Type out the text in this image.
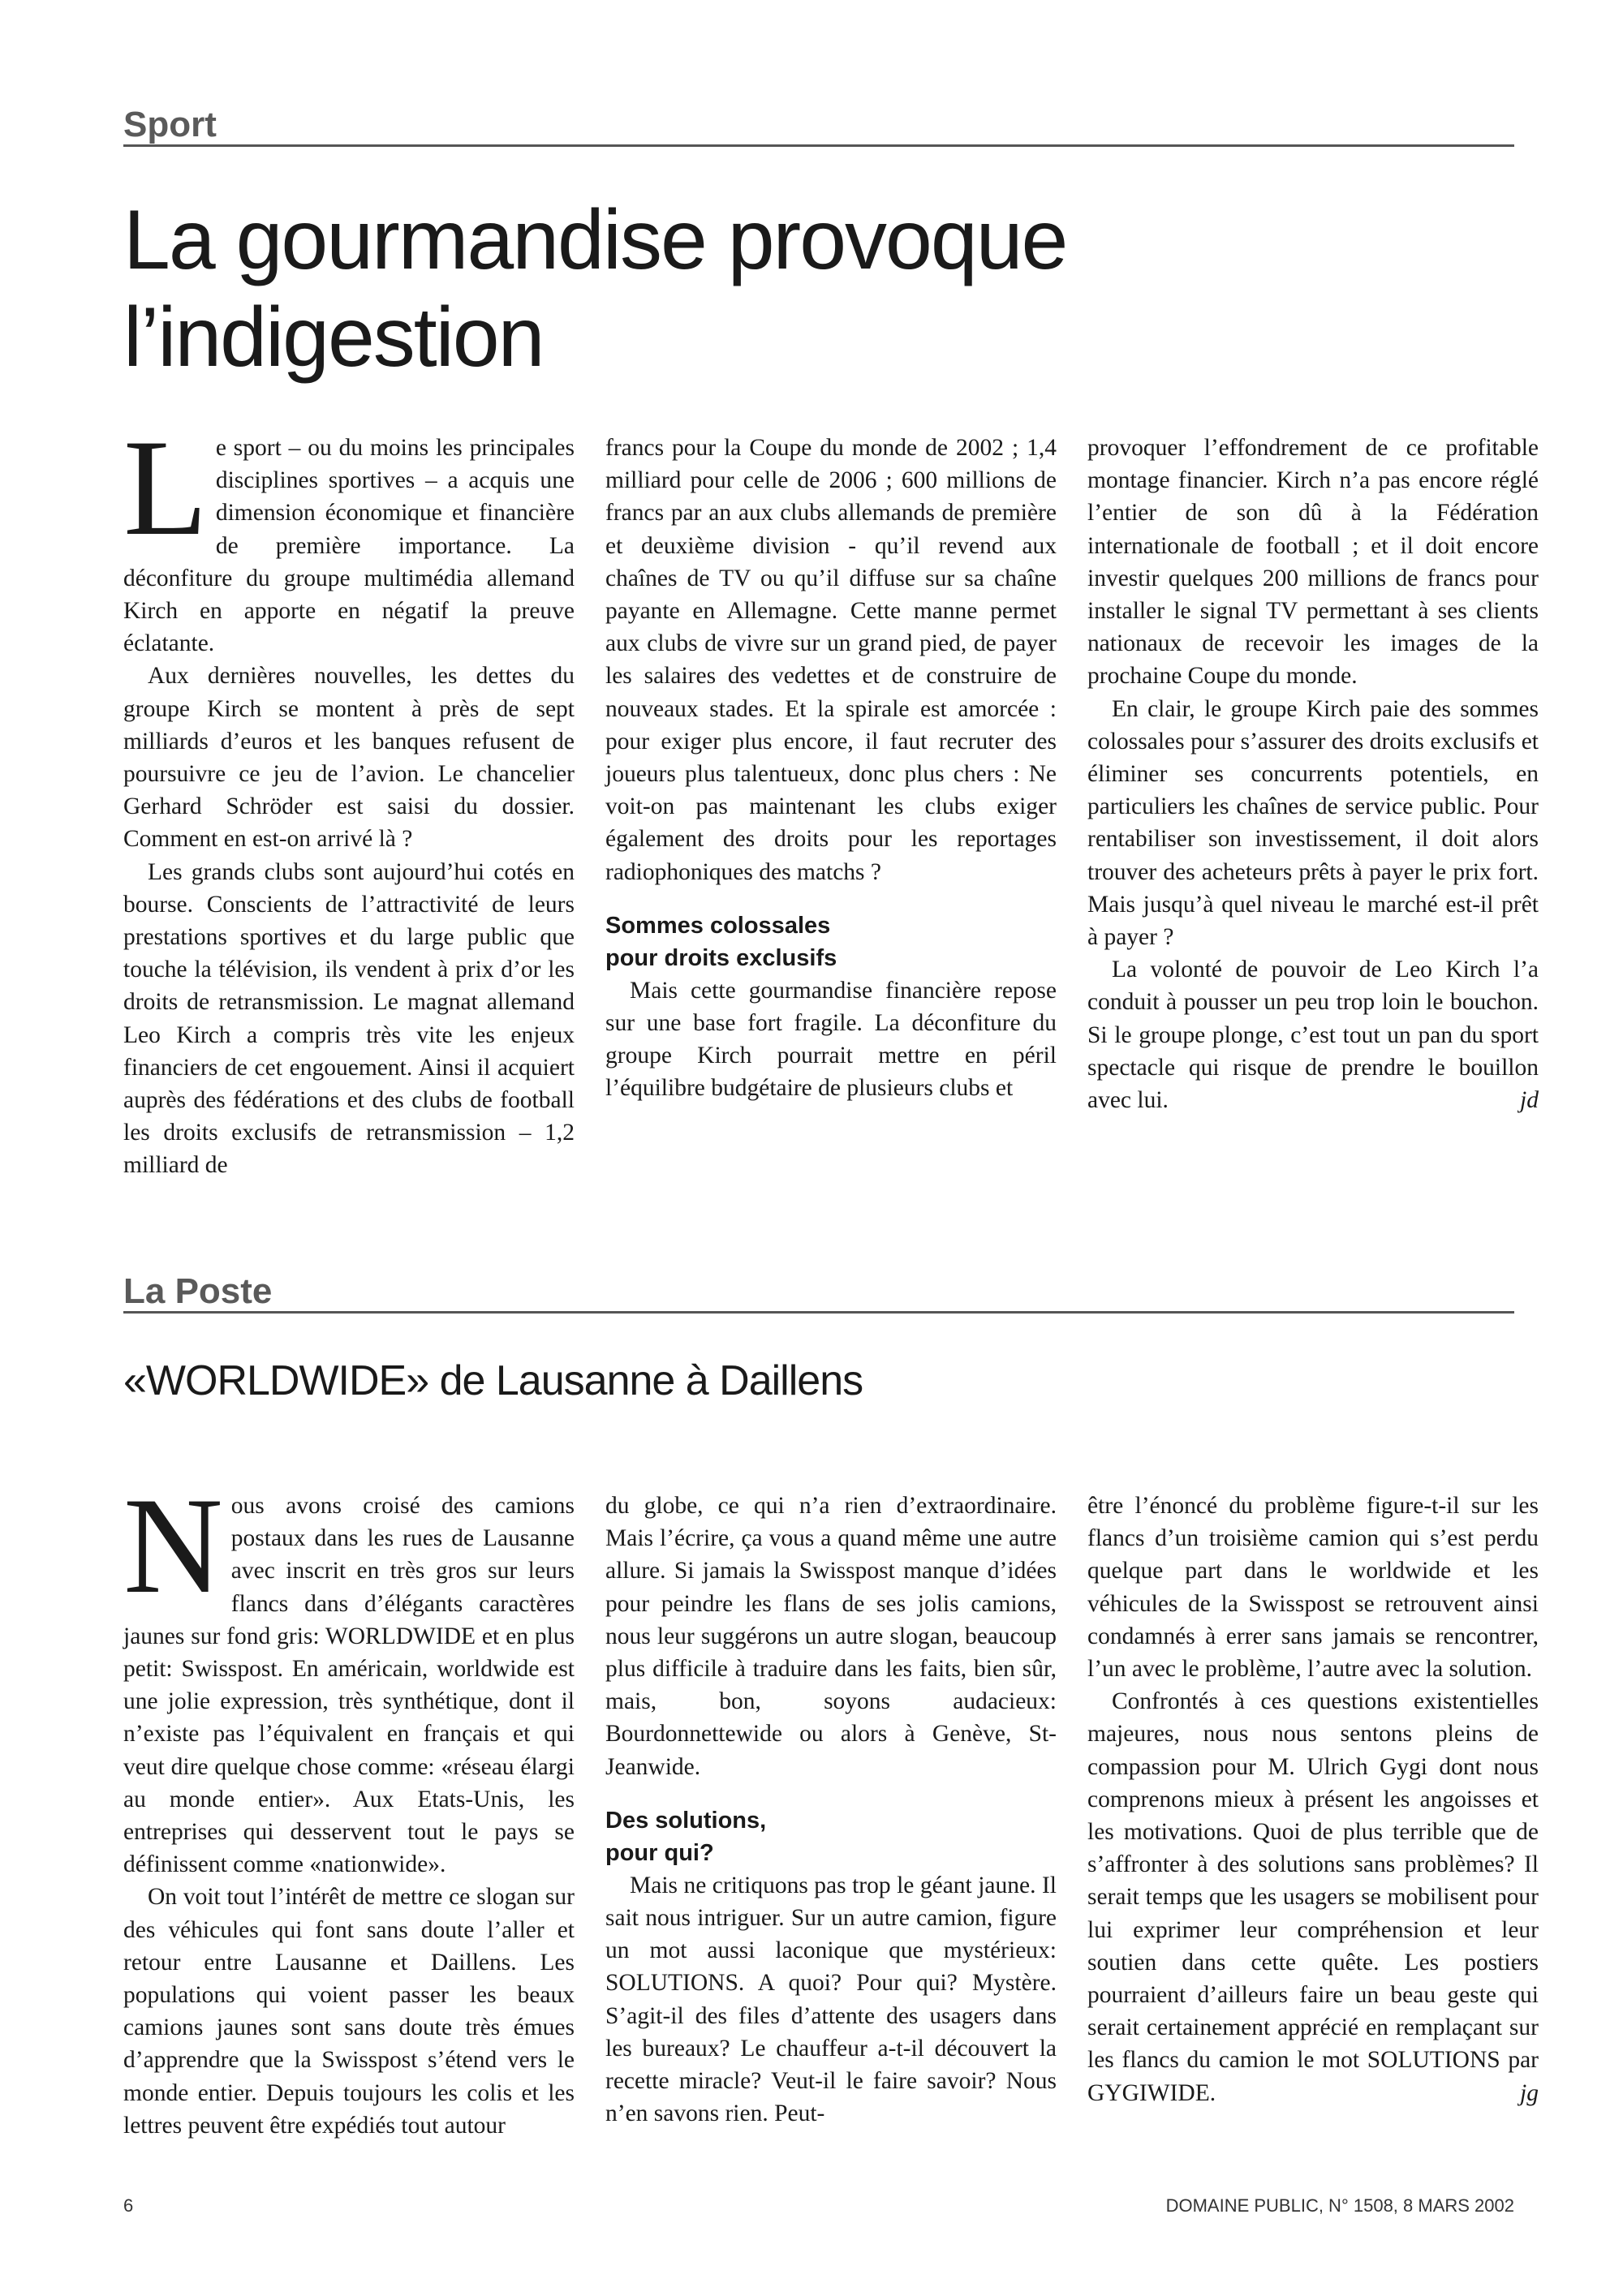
Sport
La gourmandise provoque
l’indigestion

Le sport – ou du moins les principales disciplines sportives – a acquis une dimension économique et financière de première importance. La déconfiture du groupe multimédia allemand Kirch en apporte en négatif la preuve éclatante.

Aux dernières nouvelles, les dettes du groupe Kirch se montent à près de sept milliards d’euros et les banques refusent de poursuivre ce jeu de l’avion. Le chancelier Gerhard Schröder est saisi du dossier. Comment en est-on arrivé là ?

Les grands clubs sont aujourd’hui cotés en bourse. Conscients de l’attractivité de leurs prestations sportives et du large public que touche la télévision, ils vendent à prix d’or les droits de retransmission. Le magnat allemand Leo Kirch a compris très vite les enjeux financiers de cet engouement. Ainsi il acquiert auprès des fédérations et des clubs de football les droits exclusifs de retransmission – 1,2 milliard de

francs pour la Coupe du monde de 2002 ; 1,4 milliard pour celle de 2006 ; 600 millions de francs par an aux clubs allemands de première et deuxième division - qu’il revend aux chaînes de TV ou qu’il diffuse sur sa chaîne payante en Allemagne. Cette manne permet aux clubs de vivre sur un grand pied, de payer les salaires des vedettes et de construire de nouveaux stades. Et la spirale est amorcée : pour exiger plus encore, il faut recruter des joueurs plus talentueux, donc plus chers : Ne voit-on pas maintenant les clubs exiger également des droits pour les reportages radiophoniques des matchs ?

Sommes colossales
pour droits exclusifs

Mais cette gourmandise financière repose sur une base fort fragile. La déconfiture du groupe Kirch pourrait mettre en péril l’équilibre budgétaire de plusieurs clubs et

provoquer l’effondrement de ce profitable montage financier. Kirch n’a pas encore réglé l’entier de son dû à la Fédération internationale de football ; et il doit encore investir quelques 200 millions de francs pour installer le signal TV permettant à ses clients nationaux de recevoir les images de la prochaine Coupe du monde.

En clair, le groupe Kirch paie des sommes colossales pour s’assurer des droits exclusifs et éliminer ses concurrents potentiels, en particuliers les chaînes de service public. Pour rentabiliser son investissement, il doit alors trouver des acheteurs prêts à payer le prix fort. Mais jusqu’à quel niveau le marché est-il prêt à payer ?

La volonté de pouvoir de Leo Kirch l’a conduit à pousser un peu trop loin le bouchon. Si le groupe plonge, c’est tout un pan du sport spectacle qui risque de prendre le bouillon avec lui.	jd

La Poste
«WORLDWIDE» de Lausanne à Daillens

Nous avons croisé des camions postaux dans les rues de Lausanne avec inscrit en très gros sur leurs flancs dans d’élégants caractères jaunes sur fond gris: WORLDWIDE et en plus petit: Swisspost. En américain, worldwide est une jolie expression, très synthétique, dont il n’existe pas l’équivalent en français et qui veut dire quelque chose comme: «réseau élargi au monde entier». Aux Etats-Unis, les entreprises qui desservent tout le pays se définissent comme «nationwide».

On voit tout l’intérêt de mettre ce slogan sur des véhicules qui font sans doute l’aller et retour entre Lausanne et Daillens. Les populations qui voient passer les beaux camions jaunes sont sans doute très émues d’apprendre que la Swisspost s’étend vers le monde entier. Depuis toujours les colis et les lettres peuvent être expédiés tout autour

du globe, ce qui n’a rien d’extraordinaire. Mais l’écrire, ça vous a quand même une autre allure. Si jamais la Swisspost manque d’idées pour peindre les flans de ses jolis camions, nous leur suggérons un autre slogan, beaucoup plus difficile à traduire dans les faits, bien sûr, mais, bon, soyons audacieux: Bourdonnettewide ou alors à Genève, St-Jeanwide.

Des solutions,
pour qui?

Mais ne critiquons pas trop le géant jaune. Il sait nous intriguer. Sur un autre camion, figure un mot aussi laconique que mystérieux: SOLUTIONS. A quoi? Pour qui? Mystère. S’agit-il des files d’attente des usagers dans les bureaux? Le chauffeur a-t-il découvert la recette miracle? Veut-il le faire savoir? Nous n’en savons rien. Peut-

être l’énoncé du problème figure-t-il sur les flancs d’un troisième camion qui s’est perdu quelque part dans le worldwide et les véhicules de la Swisspost se retrouvent ainsi condamnés à errer sans jamais se rencontrer, l’un avec le problème, l’autre avec la solution.

Confrontés à ces questions existentielles majeures, nous nous sentons pleins de compassion pour M. Ulrich Gygi dont nous comprenons mieux à présent les angoisses et les motivations. Quoi de plus terrible que de s’affronter à des solutions sans problèmes? Il serait temps que les usagers se mobilisent pour lui exprimer leur compréhension et leur soutien dans cette quête. Les postiers pourraient d’ailleurs faire un beau geste qui serait certainement apprécié en remplaçant sur les flancs du camion le mot SOLUTIONS par GYGIWIDE.	jg

6	DOMAINE PUBLIC, N° 1508, 8 MARS 2002
